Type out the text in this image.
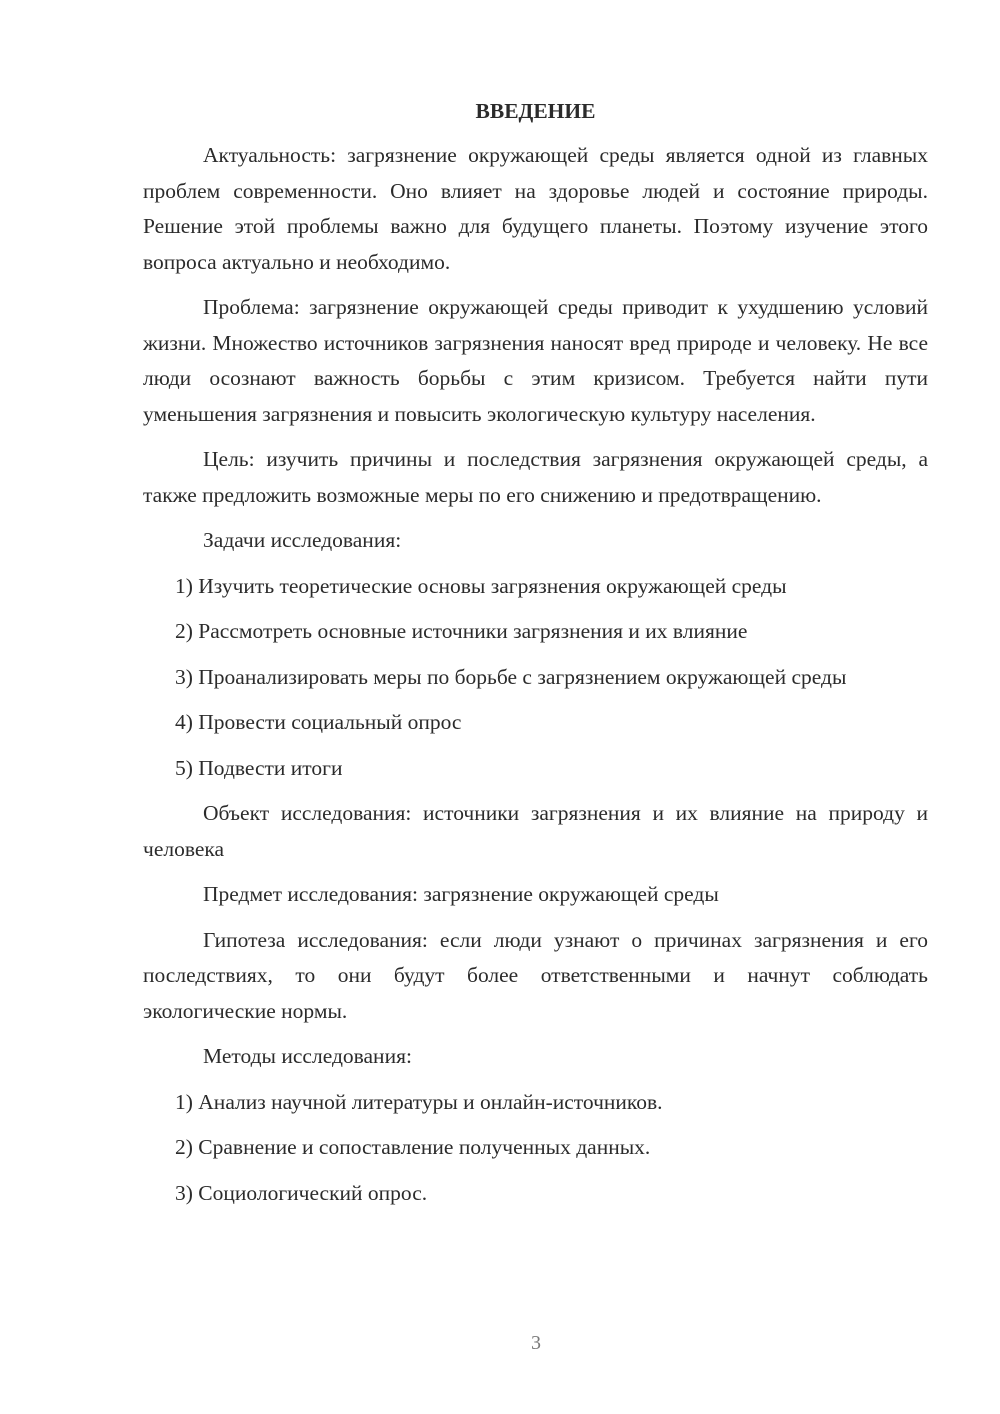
ВВЕДЕНИЕ

Актуальность: загрязнение окружающей среды является одной из главных проблем современности. Оно влияет на здоровье людей и состояние природы. Решение этой проблемы важно для будущего планеты. Поэтому изучение этого вопроса актуально и необходимо.

Проблема: загрязнение окружающей среды приводит к ухудшению условий жизни. Множество источников загрязнения наносят вред природе и человеку. Не все люди осознают важность борьбы с этим кризисом. Требуется найти пути уменьшения загрязнения и повысить экологическую культуру населения.

Цель: изучить причины и последствия загрязнения окружающей среды, а также предложить возможные меры по его снижению и предотвращению.

Задачи исследования:

1) Изучить теоретические основы загрязнения окружающей среды

2) Рассмотреть основные источники загрязнения и их влияние

3) Проанализировать меры по борьбе с загрязнением окружающей среды

4) Провести социальный опрос

5) Подвести итоги

Объект исследования: источники загрязнения и их влияние на природу и человека

Предмет исследования: загрязнение окружающей среды

Гипотеза исследования: если люди узнают о причинах загрязнения и его последствиях, то они будут более ответственными и начнут соблюдать экологические нормы.

Методы исследования:

1) Анализ научной литературы и онлайн-источников.

2) Сравнение и сопоставление полученных данных.

3) Социологический опрос.

3
